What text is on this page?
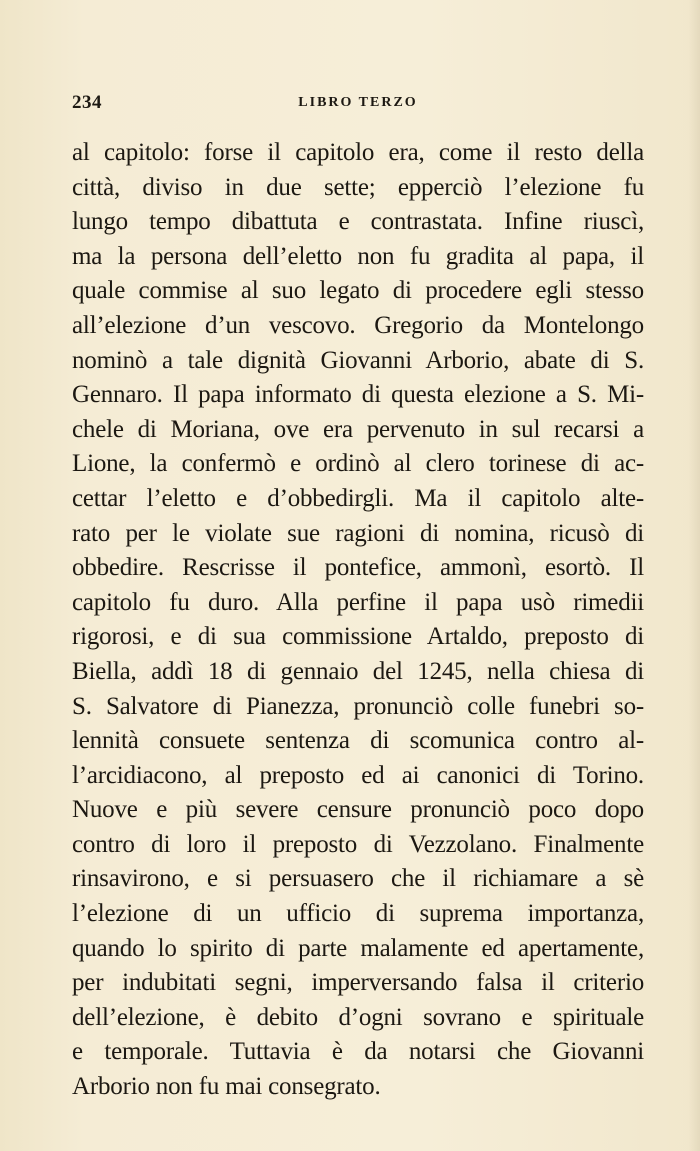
234	LIBRO TERZO
al capitolo: forse il capitolo era, come il resto della
città, diviso in due sette; epperciò l’elezione fu
lungo tempo dibattuta e contrastata. Infine riuscì,
ma la persona dell’eletto non fu gradita al papa, il
quale commise al suo legato di procedere egli stesso
all’elezione d’un vescovo. Gregorio da Montelongo
nominò a tale dignità Giovanni Arborio, abate di S.
Gennaro. Il papa informato di questa elezione a S. Mi-
chele di Moriana, ove era pervenuto in sul recarsi a
Lione, la confermò e ordinò al clero torinese di ac-
cettar l’eletto e d’obbedirgli. Ma il capitolo alte-
rato per le violate sue ragioni di nomina, ricusò di
obbedire. Rescrisse il pontefice, ammonì, esortò. Il
capitolo fu duro. Alla perfine il papa usò rimedii
rigorosi, e di sua commissione Artaldo, preposto di
Biella, addì 18 di gennaio del 1245, nella chiesa di
S. Salvatore di Pianezza, pronunciò colle funebri so-
lennità consuete sentenza di scomunica contro al-
l’arcidiacono, al preposto ed ai canonici di Torino.
Nuove e più severe censure pronunciò poco dopo
contro di loro il preposto di Vezzolano. Finalmente
rinsavirono, e si persuasero che il richiamare a sè
l’elezione di un ufficio di suprema importanza,
quando lo spirito di parte malamente ed apertamente,
per indubitati segni, imperversando falsa il criterio
dell’elezione, è debito d’ogni sovrano e spirituale
e temporale. Tuttavia è da notarsi che Giovanni
Arborio non fu mai consegrato.
